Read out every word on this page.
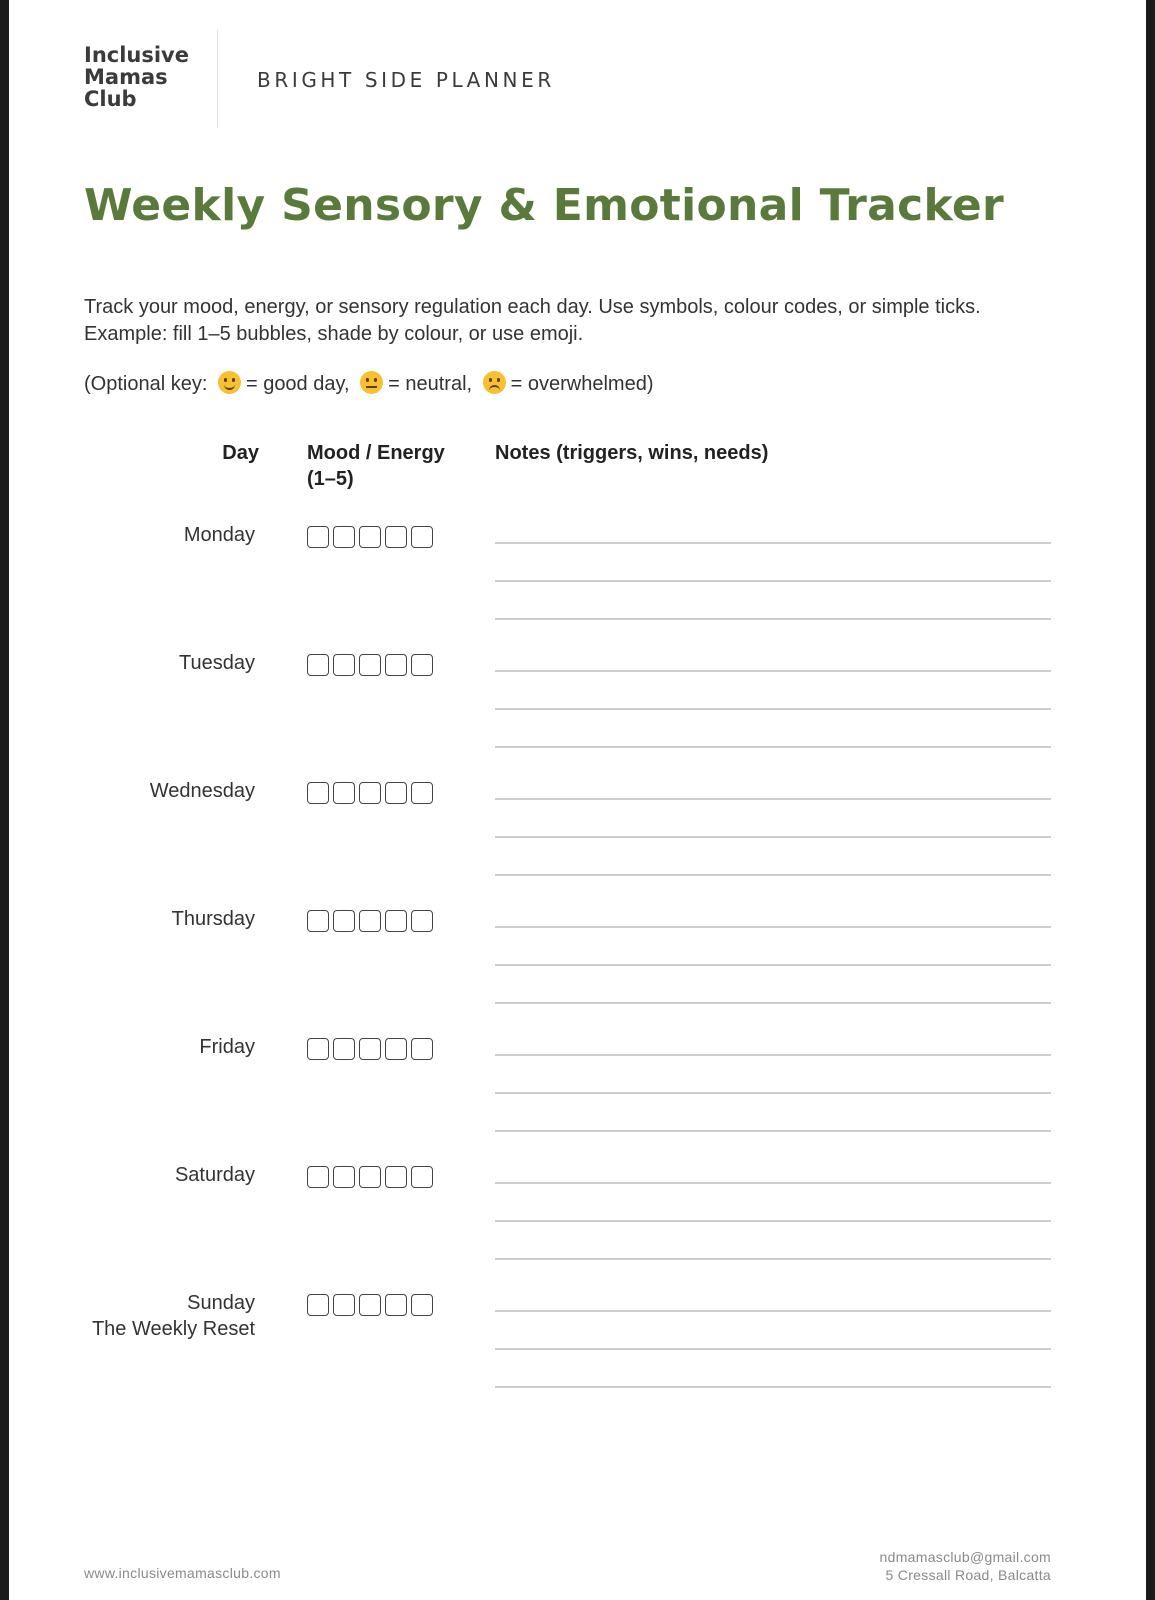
Inclusive
Mamas
Club
BRIGHT SIDE PLANNER
Weekly Sensory & Emotional Tracker
Track your mood, energy, or sensory regulation each day. Use symbols, colour codes, or simple ticks. Example: fill 1–5 bubbles, shade by colour, or use emoji.
(Optional key: = good day, = neutral, = overwhelmed)
Day Mood / Energy
(1–5)
Notes (triggers, wins, needs)
Monday
Tuesday
Wednesday
Thursday
Friday
Saturday
Sunday
The Weekly Reset
www.inclusivemamasclub.com
ndmamasclub@gmail.com
5 Cressall Road, Balcatta
